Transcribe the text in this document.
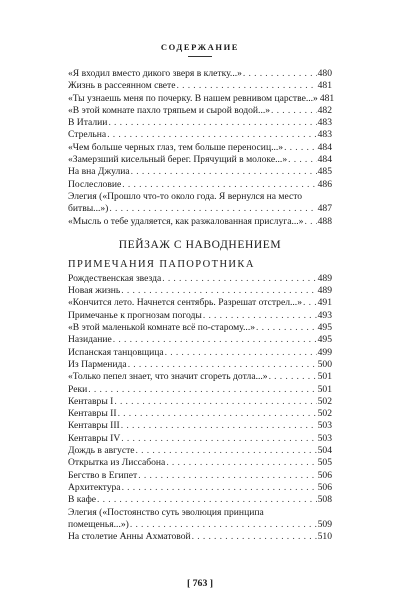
СОДЕРЖАНИЕ
«Я входил вместо дикого зверя в клетку...» . . .	480
Жизнь в рассеянном свете . . .	481
«Ты узнаешь меня по почерку. В нашем ревнивом царстве...» 481
«В этой комнате пахло тряпьем и сырой водой...» . . .	482
В Италии . . .	483
Стрельна . . .	483
«Чем больше черных глаз, тем больше переносиц...» . . .	484
«Замерзший кисельный берег. Прячущий в молоке...» . . .	484
На вна Джулиа . . .	485
Послесловие . . .	486
Элегия («Прошло что-то около года. Я вернулся на место
битвы...») . . .	487
«Мысль о тебе удаляется, как разжалованная прислуга...» . . . 488
ПЕЙЗАЖ С НАВОДНЕНИЕМ
ПРИМЕЧАНИЯ ПАПОРОТНИКА
Рождественская звезда . . .	489
Новая жизнь . . .	489
«Кончится лето. Начнется сентябрь. Разрешат отстрел...» . . . 491
Примечанье к прогнозам погоды . . .	493
«В этой маленькой комнате всё по-старому...» . . .	495
Назидание . . .	495
Испанская танцовщица . . .	499
Из Парменида . . .	500
«Только пепел знает, что значит сгореть дотла...» . . .	501
Реки . . .	501
Кентавры I . . .	502
Кентавры II . . .	502
Кентавры III . . .	503
Кентавры IV . . .	503
Дождь в августе . . .	504
Открытка из Лиссабона . . .	505
Бегство в Египет . . .	506
Архитектура . . .	506
В кафе . . .	508
Элегия («Постоянство суть эволюция принципа
помещенья...») . . .	509
На столетие Анны Ахматовой . . .	510
[ 763 ]
